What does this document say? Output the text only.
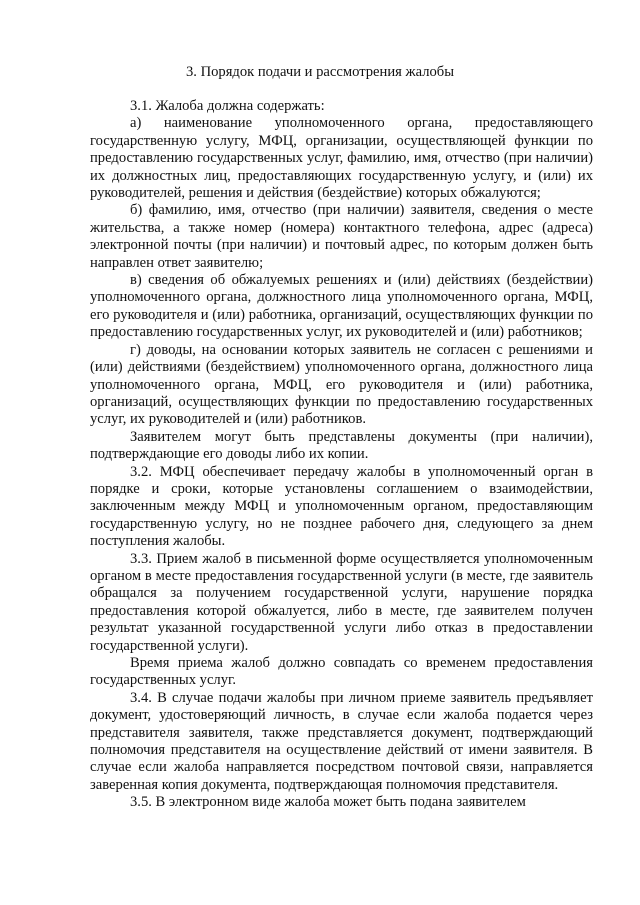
3. Порядок подачи и рассмотрения жалобы

3.1. Жалоба должна содержать:

а) наименование уполномоченного органа, предоставляющего государственную услугу, МФЦ, организации, осуществляющей функции по предоставлению государственных услуг, фамилию, имя, отчество (при наличии) их должностных лиц, предоставляющих государственную услугу, и (или) их руководителей, решения и действия (бездействие) которых обжалуются;

б) фамилию, имя, отчество (при наличии) заявителя, сведения о месте жительства, а также номер (номера) контактного телефона, адрес (адреса) электронной почты (при наличии) и почтовый адрес, по которым должен быть направлен ответ заявителю;

в) сведения об обжалуемых решениях и (или) действиях (бездействии) уполномоченного органа, должностного лица уполномоченного органа, МФЦ, его руководителя и (или) работника, организаций, осуществляющих функции по предоставлению государственных услуг, их руководителей и (или) работников;

г) доводы, на основании которых заявитель не согласен с решениями и (или) действиями (бездействием) уполномоченного органа, должностного лица уполномоченного органа, МФЦ, его руководителя и (или) работника, организаций, осуществляющих функции по предоставлению государственных услуг, их руководителей и (или) работников.

Заявителем могут быть представлены документы (при наличии), подтверждающие его доводы либо их копии.

3.2. МФЦ обеспечивает передачу жалобы в уполномоченный орган в порядке и сроки, которые установлены соглашением о взаимодействии, заключенным между МФЦ и уполномоченным органом, предоставляющим государственную услугу, но не позднее рабочего дня, следующего за днем поступления жалобы.

3.3. Прием жалоб в письменной форме осуществляется уполномоченным органом в месте предоставления государственной услуги (в месте, где заявитель обращался за получением государственной услуги, нарушение порядка предоставления которой обжалуется, либо в месте, где заявителем получен результат указанной государственной услуги либо отказ в предоставлении государственной услуги).

Время приема жалоб должно совпадать со временем предоставления государственных услуг.

3.4. В случае подачи жалобы при личном приеме заявитель предъявляет документ, удостоверяющий личность, в случае если жалоба подается через представителя заявителя, также представляется документ, подтверждающий полномочия представителя на осуществление действий от имени заявителя. В случае если жалоба направляется посредством почтовой связи, направляется заверенная копия документа, подтверждающая полномочия представителя.

3.5. В электронном виде жалоба может быть подана заявителем
